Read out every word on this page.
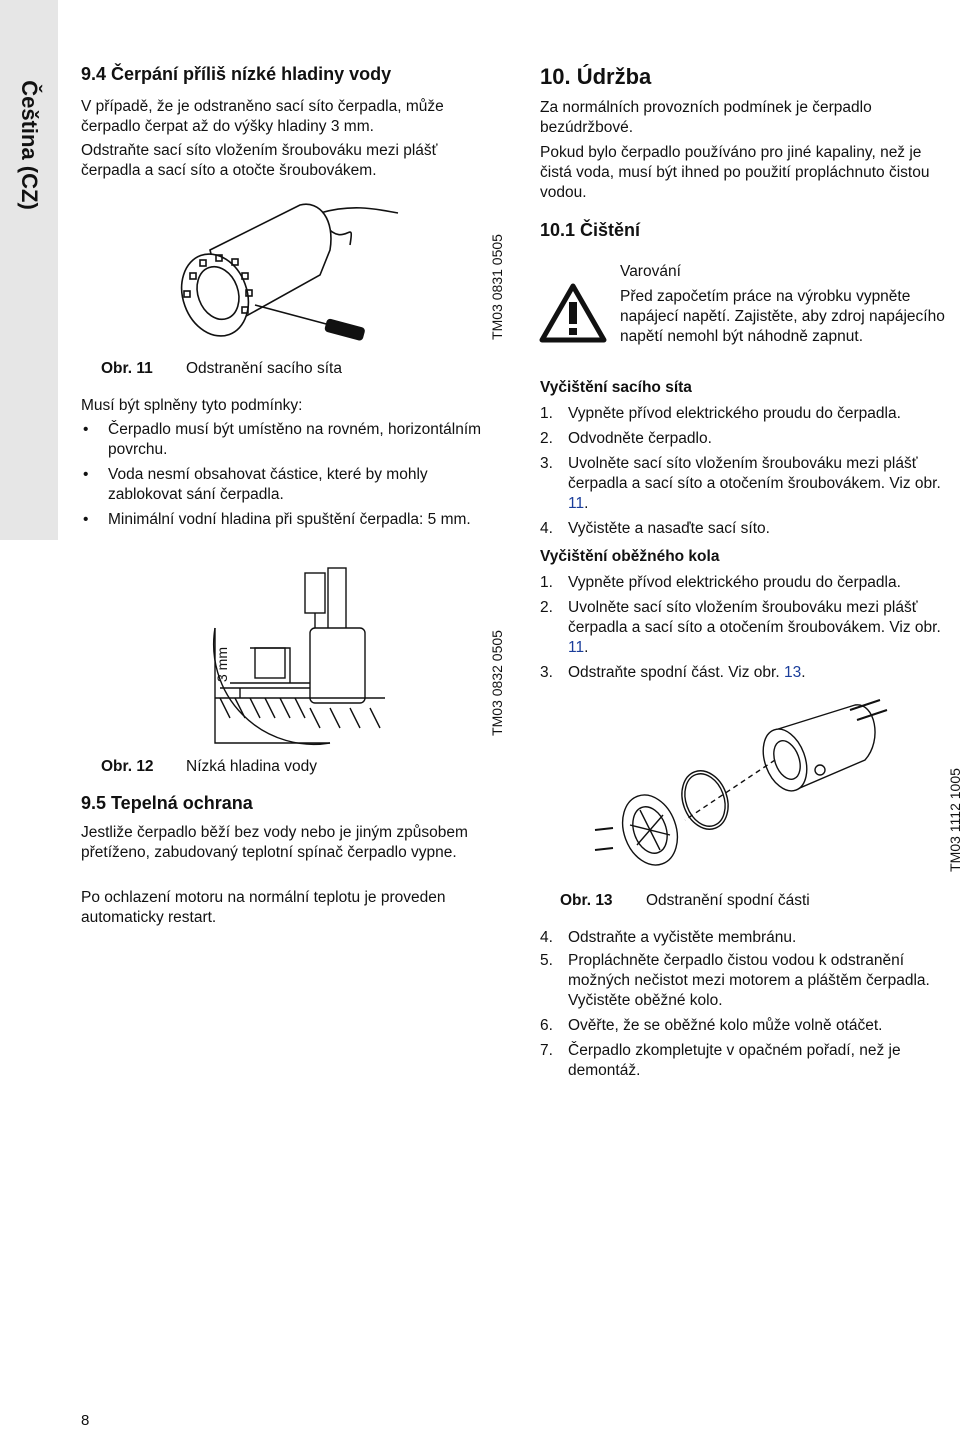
Čeština (CZ)
9.4 Čerpání příliš nízké hladiny vody
V případě, že je odstraněno sací síto čerpadla, může čerpadlo čerpat až do výšky hladiny 3 mm.
Odstraňte sací síto vložením šroubováku mezi plášť čerpadla a sací síto a otočte šroubovákem.
TM03 0831 0505
Obr. 11 Odstranění sacího síta
Musí být splněny tyto podmínky:
• Čerpadlo musí být umístěno na rovném, horizontálním povrchu.
• Voda nesmí obsahovat částice, které by mohly zablokovat sání čerpadla.
• Minimální vodní hladina při spuštění čerpadla: 5 mm.
3 mm	TM03 0832 0505
Obr. 12 Nízká hladina vody
9.5 Tepelná ochrana
Jestliže čerpadlo běží bez vody nebo je jiným způsobem přetíženo, zabudovaný teplotní spínač čerpadlo vypne.
Po ochlazení motoru na normální teplotu je proveden automaticky restart.
10. Údržba
Za normálních provozních podmínek je čerpadlo bezúdržbové.
Pokud bylo čerpadlo používáno pro jiné kapaliny, než je čistá voda, musí být ihned po použití propláchnuto čistou vodou.
10.1 Čištění
Varování
Před započetím práce na výrobku vypněte napájecí napětí. Zajistěte, aby zdroj napájecího napětí nemohl být náhodně zapnut.
Vyčištění sacího síta
1. Vypněte přívod elektrického proudu do čerpadla.
2. Odvodněte čerpadlo.
3. Uvolněte sací síto vložením šroubováku mezi plášť čerpadla a sací síto a otočením šroubovákem. Viz obr. 11.
4. Vyčistěte a nasaďte sací síto.
Vyčištění oběžného kola
1. Vypněte přívod elektrického proudu do čerpadla.
2. Uvolněte sací síto vložením šroubováku mezi plášť čerpadla a sací síto a otočením šroubovákem. Viz obr. 11.
3. Odstraňte spodní část. Viz obr. 13.
TM03 1112 1005
Obr. 13 Odstranění spodní části
4. Odstraňte a vyčistěte membránu.
5. Propláchněte čerpadlo čistou vodou k odstranění možných nečistot mezi motorem a pláštěm čerpadla. Vyčistěte oběžné kolo.
6. Ověřte, že se oběžné kolo může volně otáčet.
7. Čerpadlo zkompletujte v opačném pořadí, než je demontáž.
8
